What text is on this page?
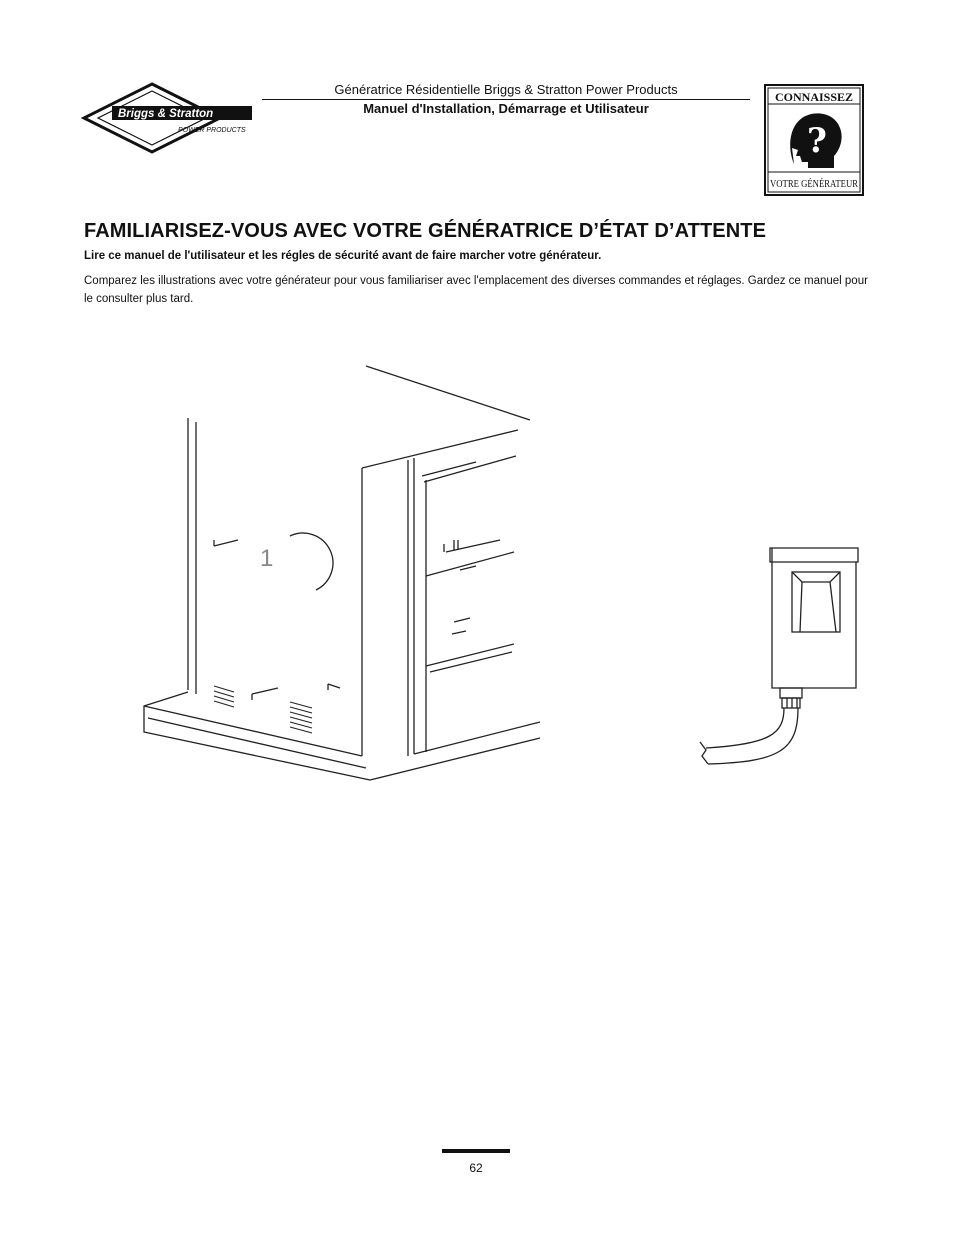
Briggs & Stratton
POWER PRODUCTS
Génératrice Résidentielle Briggs & Stratton Power Products
Manuel d'Installation, Démarrage et Utilisateur
CONNAISSEZ
?
VOTRE GÉNÉRATEUR
FAMILIARISEZ-VOUS AVEC VOTRE GÉNÉRATRICE D’ÉTAT D’ATTENTE
Lire ce manuel de l'utilisateur et les régles de sécurité avant de faire marcher votre générateur.
Comparez les illustrations avec votre générateur pour vous familiariser avec l'emplacement des diverses commandes et réglages. Gardez ce manuel pour le consulter plus tard.
1
62
